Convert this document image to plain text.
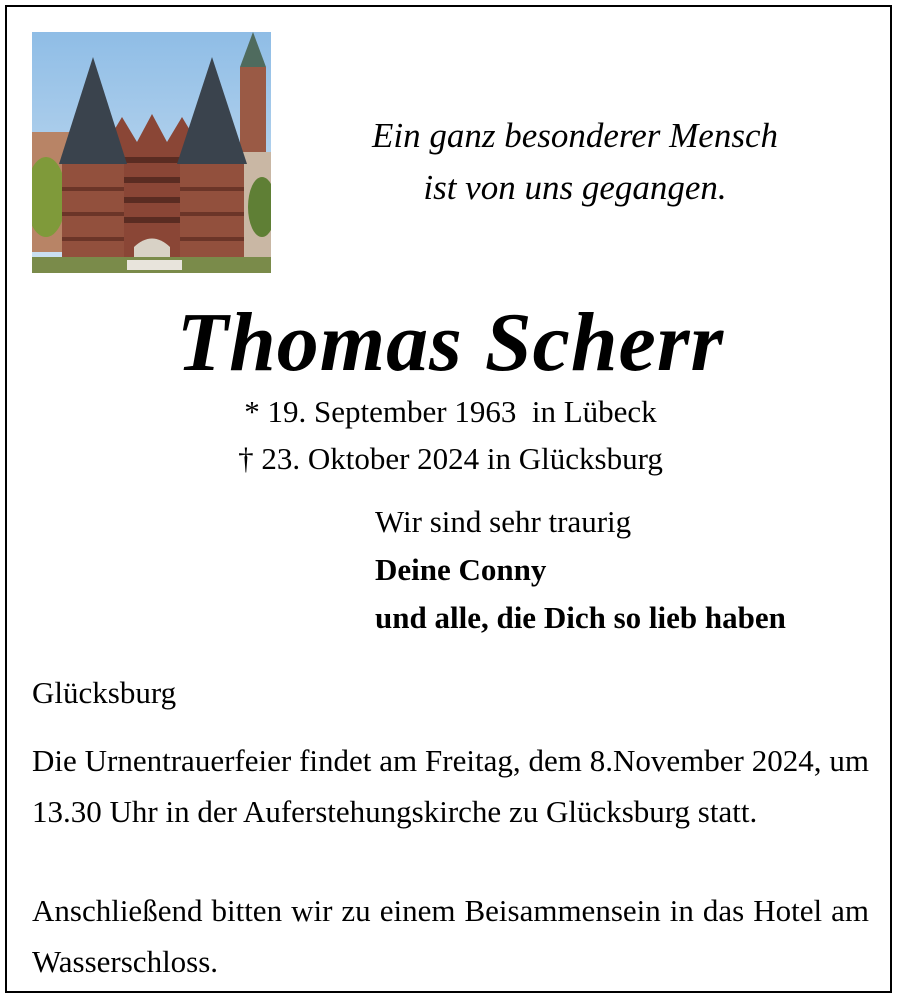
Ein ganz besonderer Mensch
ist von uns gegangen.
Thomas Scherr
* 19. September 1963  in Lübeck
† 23. Oktober 2024 in Glücksburg
Wir sind sehr traurig
Deine Conny
und alle, die Dich so lieb haben
Glücksburg
Die Urnentrauerfeier findet am Freitag, dem 8.November 2024, um 13.30 Uhr in der Auferstehungskirche zu Glücksburg statt.
Anschließend bitten wir zu einem Beisammensein in das Hotel am Wasserschloss.
